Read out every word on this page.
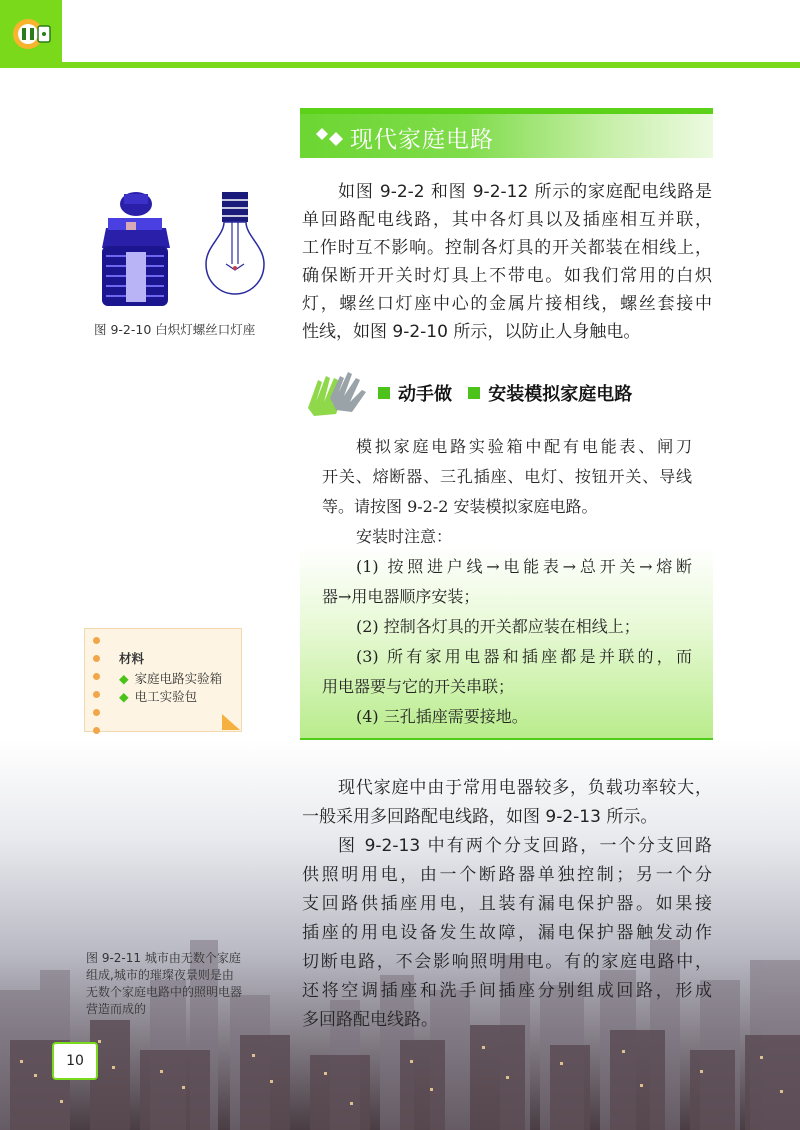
现代家庭电路
如图 9-2-2 和图 9-2-12 所示的家庭配电线路是
单回路配电线路，其中各灯具以及插座相互并联，
工作时互不影响。控制各灯具的开关都装在相线上，
确保断开开关时灯具上不带电。如我们常用的白炽
灯，螺丝口灯座中心的金属片接相线，螺丝套接中
性线，如图 9-2-10 所示，以防止人身触电。
图 9-2-10 白炽灯螺丝口灯座
动手做 安装模拟家庭电路
模拟家庭电路实验箱中配有电能表、闸刀
开关、熔断器、三孔插座、电灯、按钮开关、导线
等。请按图 9-2-2 安装模拟家庭电路。
安装时注意：
(1) 按照进户线→电能表→总开关→熔断
器→用电器顺序安装；
(2) 控制各灯具的开关都应装在相线上；
(3) 所有家用电器和插座都是并联的，而
用电器要与它的开关串联；
(4) 三孔插座需要接地。
材料
◆ 家庭电路实验箱
◆ 电工实验包
现代家庭中由于常用电器较多，负载功率较大，
一般采用多回路配电线路，如图 9-2-13 所示。
图 9-2-13 中有两个分支回路，一个分支回路
供照明用电，由一个断路器单独控制；另一个分
支回路供插座用电，且装有漏电保护器。如果接
插座的用电设备发生故障，漏电保护器触发动作
切断电路，不会影响照明用电。有的家庭电路中，
还将空调插座和洗手间插座分别组成回路，形成
多回路配电线路。
图 9-2-11 城市由无数个家庭
组成,城市的璀璨夜景则是由
无数个家庭电路中的照明电器
营造而成的
10
